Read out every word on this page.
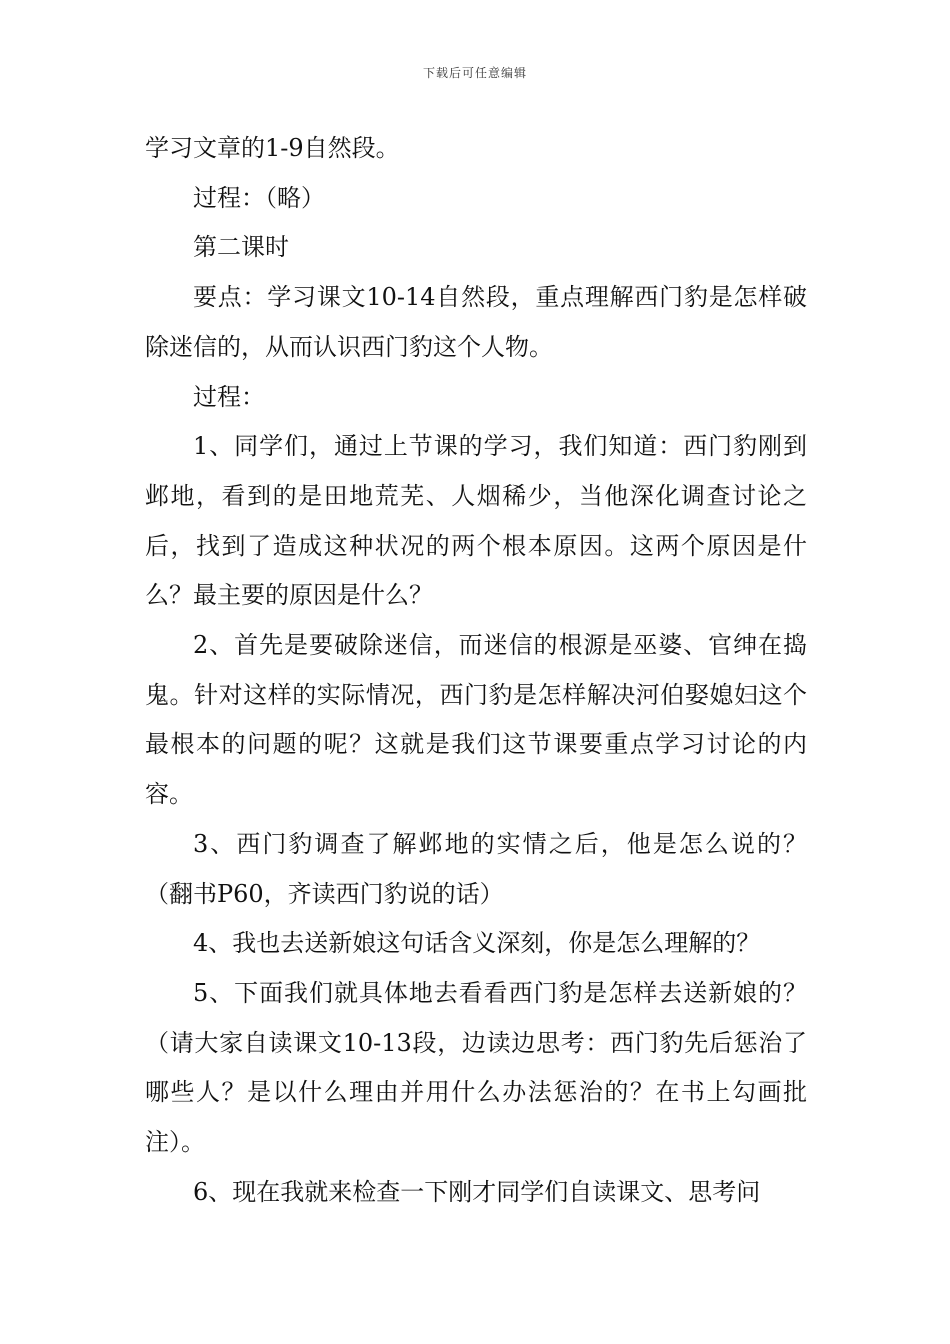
下载后可任意编辑

学习文章的1-9自然段。

过程：（略）

第二课时

要点：学习课文10-14自然段，重点理解西门豹是怎样破除迷信的，从而认识西门豹这个人物。

过程：

1、同学们，通过上节课的学习，我们知道：西门豹刚到邺地，看到的是田地荒芜、人烟稀少，当他深化调查讨论之后，找到了造成这种状况的两个根本原因。这两个原因是什么？最主要的原因是什么？

2、首先是要破除迷信，而迷信的根源是巫婆、官绅在捣鬼。针对这样的实际情况，西门豹是怎样解决河伯娶媳妇这个最根本的问题的呢？这就是我们这节课要重点学习讨论的内容。

3、西门豹调查了解邺地的实情之后，他是怎么说的？（翻书P60，齐读西门豹说的话）

4、我也去送新娘这句话含义深刻，你是怎么理解的？

5、下面我们就具体地去看看西门豹是怎样去送新娘的？（请大家自读课文10-13段，边读边思考：西门豹先后惩治了哪些人？是以什么理由并用什么办法惩治的？在书上勾画批注）。

6、现在我就来检查一下刚才同学们自读课文、思考问
